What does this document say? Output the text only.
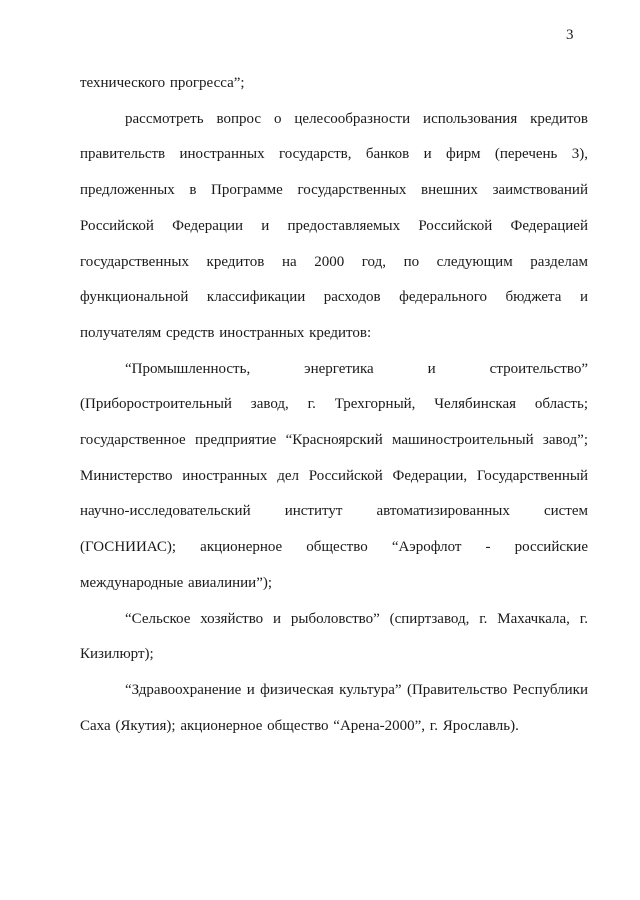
3

технического прогресса”;

рассмотреть вопрос о целесообразности использования кредитов правительств иностранных государств, банков и фирм (перечень 3), предложенных в Программе государственных внешних заимствований Российской Федерации и предоставляемых Российской Федерацией государственных кредитов на 2000 год, по следующим разделам функциональной классификации расходов федерального бюджета и получателям средств иностранных кредитов:

“Промышленность, энергетика и строительство” (Приборостроительный завод, г. Трехгорный, Челябинская область; государственное предприятие “Красноярский машиностроительный завод”; Министерство иностранных дел Российской Федерации, Государственный научно-исследовательский институт автоматизированных систем (ГОСНИИАС); акционерное общество “Аэрофлот - российские международные авиалинии”);

“Сельское хозяйство и рыболовство” (спиртзавод, г. Махачкала, г. Кизилюрт);

“Здравоохранение и физическая культура” (Правительство Республики Саха (Якутия); акционерное общество “Арена-2000”, г. Ярославль).
